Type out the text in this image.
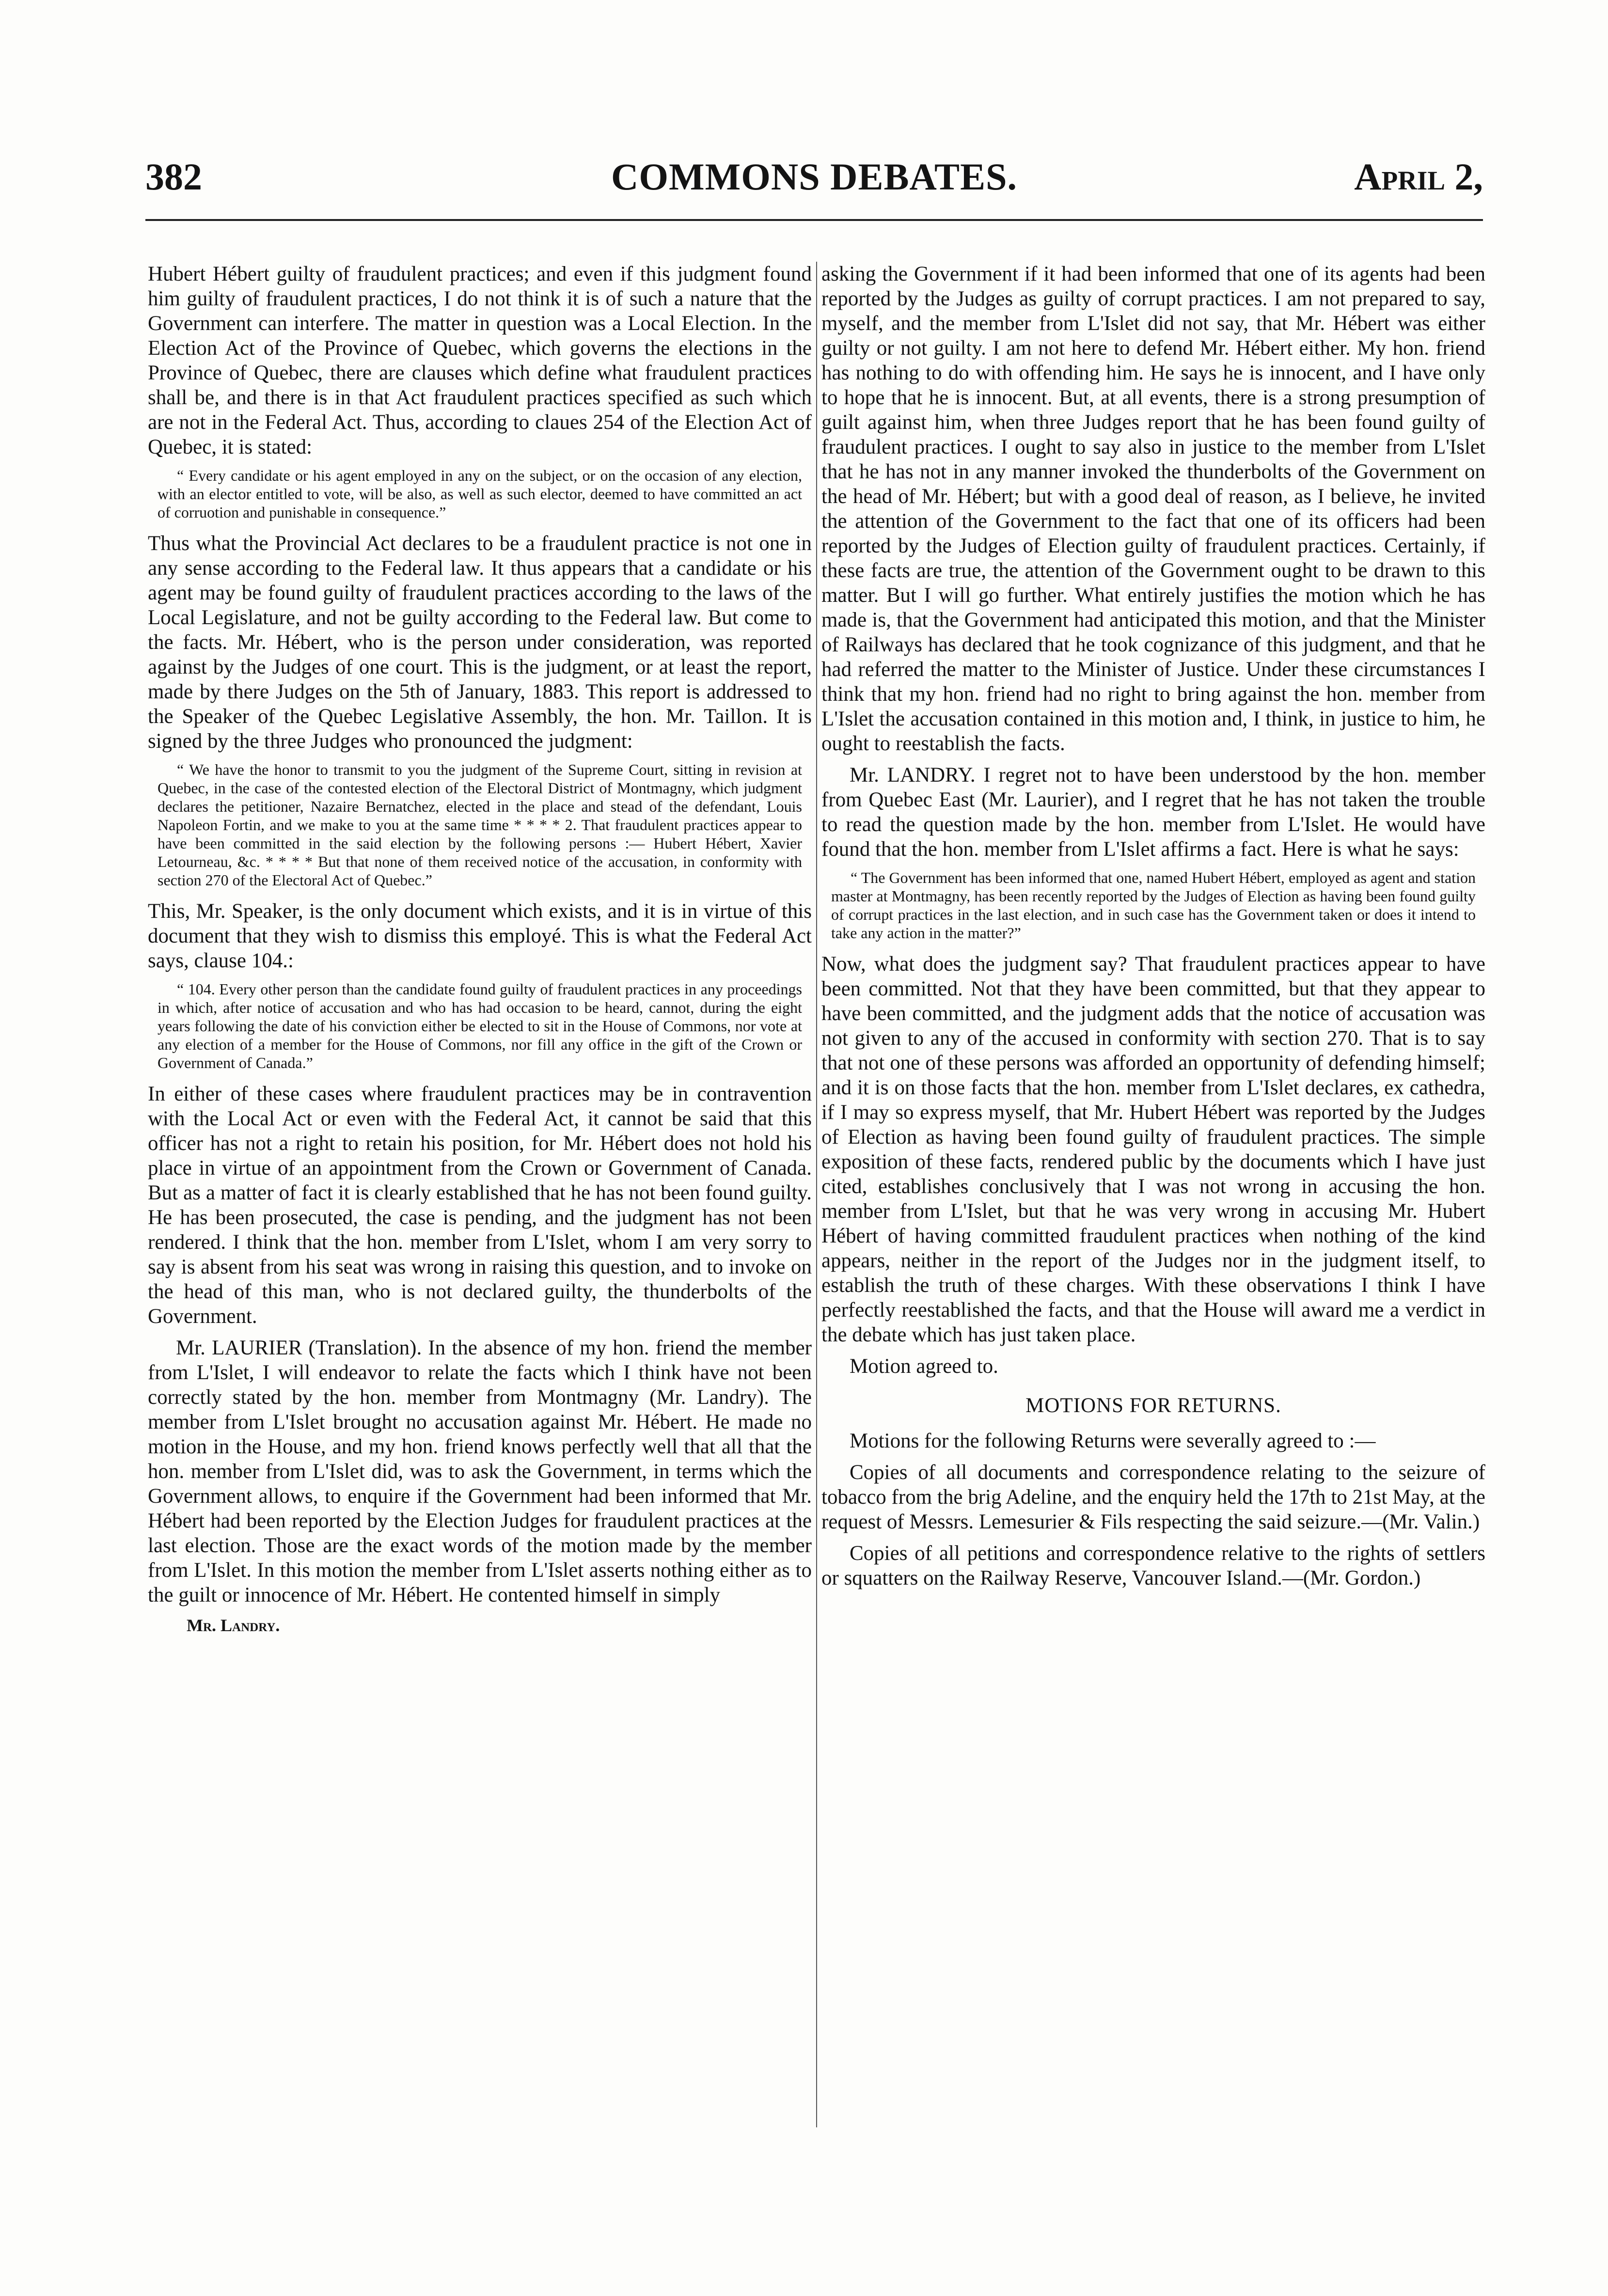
382	COMMONS DEBATES.	April 2,

Hubert Hébert guilty of fraudulent practices; and even if this judgment found him guilty of fraudulent practices, I do not think it is of such a nature that the Government can interfere. The matter in question was a Local Election. In the Election Act of the Province of Quebec, which governs the elections in the Province of Quebec, there are clauses which define what fraudulent practices shall be, and there is in that Act fraudulent practices specified as such which are not in the Federal Act. Thus, according to claues 254 of the Election Act of Quebec, it is stated:

“ Every candidate or his agent employed in any on the subject, or on the occasion of any election, with an elector entitled to vote, will be also, as well as such elector, deemed to have committed an act of corruotion and punishable in consequence.”

Thus what the Provincial Act declares to be a fraudulent practice is not one in any sense according to the Federal law. It thus appears that a candidate or his agent may be found guilty of fraudulent practices according to the laws of the Local Legislature, and not be guilty according to the Federal law. But come to the facts. Mr. Hébert, who is the person under consideration, was reported against by the Judges of one court. This is the judgment, or at least the report, made by there Judges on the 5th of January, 1883. This report is addressed to the Speaker of the Quebec Legislative Assembly, the hon. Mr. Taillon. It is signed by the three Judges who pronounced the judgment:

“ We have the honor to transmit to you the judgment of the Supreme Court, sitting in revision at Quebec, in the case of the contested election of the Electoral District of Montmagny, which judgment declares the petitioner, Nazaire Bernatchez, elected in the place and stead of the defendant, Louis Napoleon Fortin, and we make to you at the same time * * * * 2. That fraudulent practices appear to have been committed in the said election by the following persons :— Hubert Hébert, Xavier Letourneau, &c. * * * * But that none of them received notice of the accusation, in conformity with section 270 of the Electoral Act of Quebec.”

This, Mr. Speaker, is the only document which exists, and it is in virtue of this document that they wish to dismiss this employé. This is what the Federal Act says, clause 104.:

“ 104. Every other person than the candidate found guilty of fraudulent practices in any proceedings in which, after notice of accusation and who has had occasion to be heard, cannot, during the eight years following the date of his conviction either be elected to sit in the House of Commons, nor vote at any election of a member for the House of Commons, nor fill any office in the gift of the Crown or Government of Canada.”

In either of these cases where fraudulent practices may be in contravention with the Local Act or even with the Federal Act, it cannot be said that this officer has not a right to retain his position, for Mr. Hébert does not hold his place in virtue of an appointment from the Crown or Government of Canada. But as a matter of fact it is clearly established that he has not been found guilty. He has been prosecuted, the case is pending, and the judgment has not been rendered. I think that the hon. member from L'Islet, whom I am very sorry to say is absent from his seat was wrong in raising this question, and to invoke on the head of this man, who is not declared guilty, the thunderbolts of the Government.

Mr. LAURIER (Translation). In the absence of my hon. friend the member from L'Islet, I will endeavor to relate the facts which I think have not been correctly stated by the hon. member from Montmagny (Mr. Landry). The member from L'Islet brought no accusation against Mr. Hébert. He made no motion in the House, and my hon. friend knows perfectly well that all that the hon. member from L'Islet did, was to ask the Government, in terms which the Government allows, to enquire if the Government had been informed that Mr. Hébert had been reported by the Election Judges for fraudulent practices at the last election. Those are the exact words of the motion made by the member from L'Islet. In this motion the member from L'Islet asserts nothing either as to the guilt or innocence of Mr. Hébert. He contented himself in simply

Mr. Landry.

asking the Government if it had been informed that one of its agents had been reported by the Judges as guilty of corrupt practices. I am not prepared to say, myself, and the member from L'Islet did not say, that Mr. Hébert was either guilty or not guilty. I am not here to defend Mr. Hébert either. My hon. friend has nothing to do with offending him. He says he is innocent, and I have only to hope that he is innocent. But, at all events, there is a strong presumption of guilt against him, when three Judges report that he has been found guilty of fraudulent practices. I ought to say also in justice to the member from L'Islet that he has not in any manner invoked the thunderbolts of the Government on the head of Mr. Hébert; but with a good deal of reason, as I believe, he invited the attention of the Government to the fact that one of its officers had been reported by the Judges of Election guilty of fraudulent practices. Certainly, if these facts are true, the attention of the Government ought to be drawn to this matter. But I will go further. What entirely justifies the motion which he has made is, that the Government had anticipated this motion, and that the Minister of Railways has declared that he took cognizance of this judgment, and that he had referred the matter to the Minister of Justice. Under these circumstances I think that my hon. friend had no right to bring against the hon. member from L'Islet the accusation contained in this motion and, I think, in justice to him, he ought to reestablish the facts.

Mr. LANDRY. I regret not to have been understood by the hon. member from Quebec East (Mr. Laurier), and I regret that he has not taken the trouble to read the question made by the hon. member from L'Islet. He would have found that the hon. member from L'Islet affirms a fact. Here is what he says:

“ The Government has been informed that one, named Hubert Hébert, employed as agent and station master at Montmagny, has been recently reported by the Judges of Election as having been found guilty of corrupt practices in the last election, and in such case has the Government taken or does it intend to take any action in the matter?”

Now, what does the judgment say? That fraudulent practices appear to have been committed. Not that they have been committed, but that they appear to have been committed, and the judgment adds that the notice of accusation was not given to any of the accused in conformity with section 270. That is to say that not one of these persons was afforded an opportunity of defending himself; and it is on those facts that the hon. member from L'Islet declares, ex cathedra, if I may so express myself, that Mr. Hubert Hébert was reported by the Judges of Election as having been found guilty of fraudulent practices. The simple exposition of these facts, rendered public by the documents which I have just cited, establishes conclusively that I was not wrong in accusing the hon. member from L'Islet, but that he was very wrong in accusing Mr. Hubert Hébert of having committed fraudulent practices when nothing of the kind appears, neither in the report of the Judges nor in the judgment itself, to establish the truth of these charges. With these observations I think I have perfectly reestablished the facts, and that the House will award me a verdict in the debate which has just taken place.

Motion agreed to.

MOTIONS FOR RETURNS.

Motions for the following Returns were severally agreed to :—

Copies of all documents and correspondence relating to the seizure of tobacco from the brig Adeline, and the enquiry held the 17th to 21st May, at the request of Messrs. Lemesurier & Fils respecting the said seizure.—(Mr. Valin.)

Copies of all petitions and correspondence relative to the rights of settlers or squatters on the Railway Reserve, Vancouver Island.—(Mr. Gordon.)
